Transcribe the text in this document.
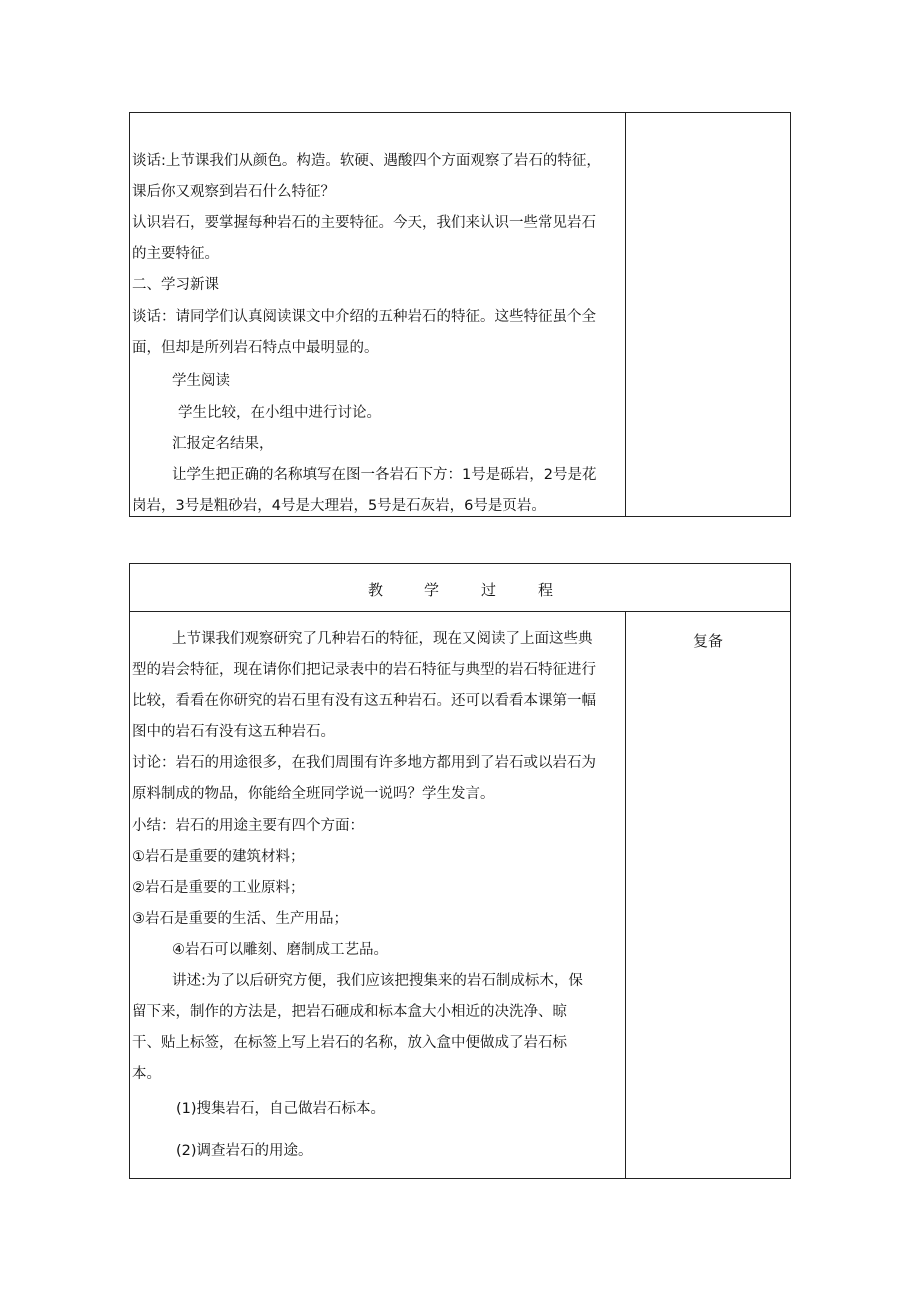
谈话:上节课我们从颜色。构造。软硬、遇酸四个方面观察了岩石的特征，
课后你又观察到岩石什么特征？
认识岩石，要掌握每种岩石的主要特征。今天，我们来认识一些常见岩石
的主要特征。
二、学习新课
谈话：请同学们认真阅读课文中介绍的五种岩石的特征。这些特征虽个全
面，但却是所列岩石特点中最明显的。
学生阅读
学生比较，在小组中进行讨论。
汇报定名结果，
让学生把正确的名称填写在图一各岩石下方：1号是砾岩，2号是花
岗岩，3号是粗砂岩，4号是大理岩，5号是石灰岩，6号是页岩。
教	学	过	程
复备
上节课我们观察研究了几种岩石的特征，现在又阅读了上面这些典
型的岩会特征，现在请你们把记录表中的岩石特征与典型的岩石特征进行
比较，看看在你研究的岩石里有没有这五种岩石。还可以看看本课第一幅
图中的岩石有没有这五种岩石。
讨论：岩石的用途很多，在我们周围有许多地方都用到了岩石或以岩石为
原料制成的物品，你能给全班同学说一说吗？学生发言。
小结：岩石的用途主要有四个方面：
①岩石是重要的建筑材料；
②岩石是重要的工业原料；
③岩石是重要的生活、生产用品；
④岩石可以雕刻、磨制成工艺品。
讲述:为了以后研究方便，我们应该把搜集来的岩石制成标木，保
留下来，制作的方法是，把岩石砸成和标本盒大小相近的决洗净、晾
干、贴上标签，在标签上写上岩石的名称，放入盒中便做成了岩石标
本。
(1)搜集岩石，自己做岩石标本。
(2)调查岩石的用途。
